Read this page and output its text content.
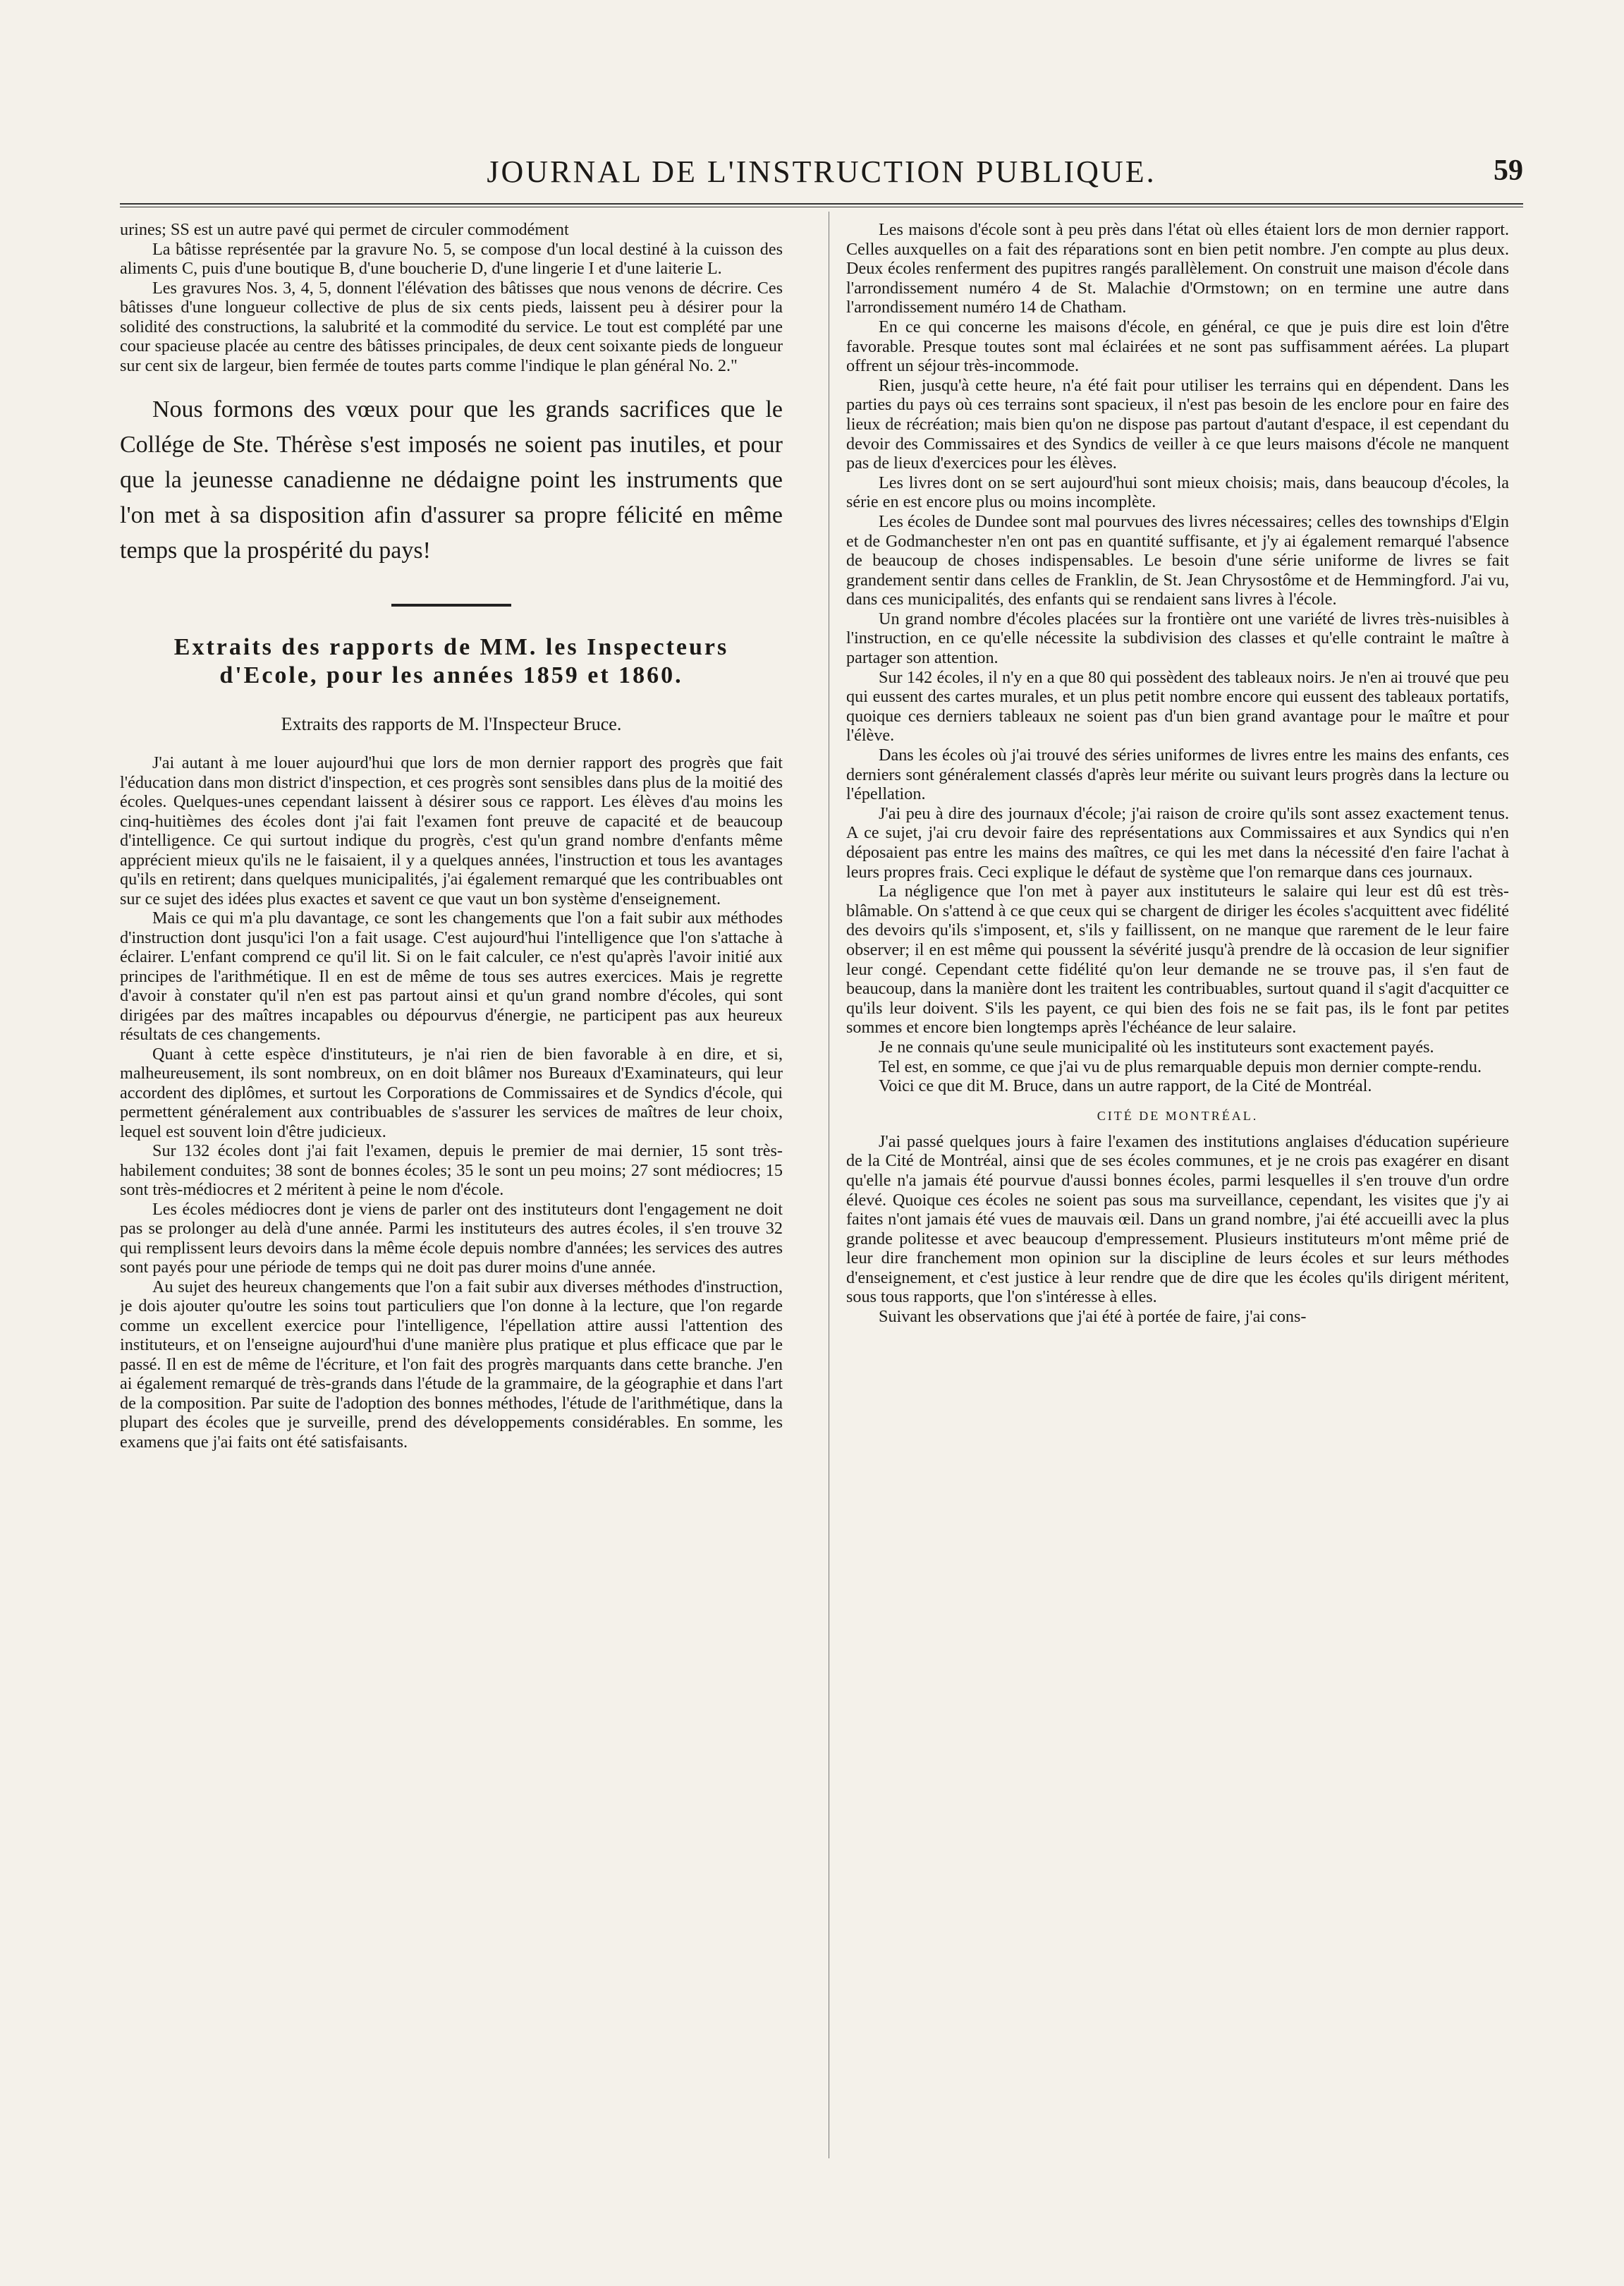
JOURNAL DE L'INSTRUCTION PUBLIQUE.	59

urines; SS est un autre pavé qui permet de circuler commodément

La bâtisse représentée par la gravure No. 5, se compose d'un local destiné à la cuisson des aliments C, puis d'une boutique B, d'une boucherie D, d'une lingerie I et d'une laiterie L.

Les gravures Nos. 3, 4, 5, donnent l'élévation des bâtisses que nous venons de décrire. Ces bâtisses d'une longueur collective de plus de six cents pieds, laissent peu à désirer pour la solidité des constructions, la salubrité et la commodité du service. Le tout est complété par une cour spacieuse placée au centre des bâtisses principales, de deux cent soixante pieds de longueur sur cent six de largeur, bien fermée de toutes parts comme l'indique le plan général No. 2."

Nous formons des vœux pour que les grands sacrifices que le Collége de Ste. Thérèse s'est imposés ne soient pas inutiles, et pour que la jeunesse canadienne ne dédaigne point les instruments que l'on met à sa disposition afin d'assurer sa propre félicité en même temps que la prospérité du pays!

Extraits des rapports de MM. les Inspecteurs d'Ecole, pour les années 1859 et 1860.
Extraits des rapports de M. l'Inspecteur Bruce.

J'ai autant à me louer aujourd'hui que lors de mon dernier rapport des progrès que fait l'éducation dans mon district d'inspection, et ces progrès sont sensibles dans plus de la moitié des écoles. Quelques-unes cependant laissent à désirer sous ce rapport. Les élèves d'au moins les cinq-huitièmes des écoles dont j'ai fait l'examen font preuve de capacité et de beaucoup d'intelligence. Ce qui surtout indique du progrès, c'est qu'un grand nombre d'enfants même apprécient mieux qu'ils ne le faisaient, il y a quelques années, l'instruction et tous les avantages qu'ils en retirent; dans quelques municipalités, j'ai également remarqué que les contribuables ont sur ce sujet des idées plus exactes et savent ce que vaut un bon système d'enseignement.

Mais ce qui m'a plu davantage, ce sont les changements que l'on a fait subir aux méthodes d'instruction dont jusqu'ici l'on a fait usage. C'est aujourd'hui l'intelligence que l'on s'attache à éclairer. L'enfant comprend ce qu'il lit. Si on le fait calculer, ce n'est qu'après l'avoir initié aux principes de l'arithmétique. Il en est de même de tous ses autres exercices. Mais je regrette d'avoir à constater qu'il n'en est pas partout ainsi et qu'un grand nombre d'écoles, qui sont dirigées par des maîtres incapables ou dépourvus d'énergie, ne participent pas aux heureux résultats de ces changements.

Quant à cette espèce d'instituteurs, je n'ai rien de bien favorable à en dire, et si, malheureusement, ils sont nombreux, on en doit blâmer nos Bureaux d'Examinateurs, qui leur accordent des diplômes, et surtout les Corporations de Commissaires et de Syndics d'école, qui permettent généralement aux contribuables de s'assurer les services de maîtres de leur choix, lequel est souvent loin d'être judicieux.

Sur 132 écoles dont j'ai fait l'examen, depuis le premier de mai dernier, 15 sont très-habilement conduites; 38 sont de bonnes écoles; 35 le sont un peu moins; 27 sont médiocres; 15 sont très-médiocres et 2 méritent à peine le nom d'école.

Les écoles médiocres dont je viens de parler ont des instituteurs dont l'engagement ne doit pas se prolonger au delà d'une année. Parmi les instituteurs des autres écoles, il s'en trouve 32 qui remplissent leurs devoirs dans la même école depuis nombre d'années; les services des autres sont payés pour une période de temps qui ne doit pas durer moins d'une année.

Au sujet des heureux changements que l'on a fait subir aux diverses méthodes d'instruction, je dois ajouter qu'outre les soins tout particuliers que l'on donne à la lecture, que l'on regarde comme un excellent exercice pour l'intelligence, l'épellation attire aussi l'attention des instituteurs, et on l'enseigne aujourd'hui d'une manière plus pratique et plus efficace que par le passé. Il en est de même de l'écriture, et l'on fait des progrès marquants dans cette branche. J'en ai également remarqué de très-grands dans l'étude de la grammaire, de la géographie et dans l'art de la composition. Par suite de l'adoption des bonnes méthodes, l'étude de l'arithmétique, dans la plupart des écoles que je surveille, prend des développements considérables. En somme, les examens que j'ai faits ont été satisfaisants.

Les maisons d'école sont à peu près dans l'état où elles étaient lors de mon dernier rapport. Celles auxquelles on a fait des réparations sont en bien petit nombre. J'en compte au plus deux. Deux écoles renferment des pupitres rangés parallèlement. On construit une maison d'école dans l'arrondissement numéro 4 de St. Malachie d'Ormstown; on en termine une autre dans l'arrondissement numéro 14 de Chatham.

En ce qui concerne les maisons d'école, en général, ce que je puis dire est loin d'être favorable. Presque toutes sont mal éclairées et ne sont pas suffisamment aérées. La plupart offrent un séjour très-incommode.

Rien, jusqu'à cette heure, n'a été fait pour utiliser les terrains qui en dépendent. Dans les parties du pays où ces terrains sont spacieux, il n'est pas besoin de les enclore pour en faire des lieux de récréation; mais bien qu'on ne dispose pas partout d'autant d'espace, il est cependant du devoir des Commissaires et des Syndics de veiller à ce que leurs maisons d'école ne manquent pas de lieux d'exercices pour les élèves.

Les livres dont on se sert aujourd'hui sont mieux choisis; mais, dans beaucoup d'écoles, la série en est encore plus ou moins incomplète.

Les écoles de Dundee sont mal pourvues des livres nécessaires; celles des townships d'Elgin et de Godmanchester n'en ont pas en quantité suffisante, et j'y ai également remarqué l'absence de beaucoup de choses indispensables. Le besoin d'une série uniforme de livres se fait grandement sentir dans celles de Franklin, de St. Jean Chrysostôme et de Hemmingford. J'ai vu, dans ces municipalités, des enfants qui se rendaient sans livres à l'école.

Un grand nombre d'écoles placées sur la frontière ont une variété de livres très-nuisibles à l'instruction, en ce qu'elle nécessite la subdivision des classes et qu'elle contraint le maître à partager son attention.

Sur 142 écoles, il n'y en a que 80 qui possèdent des tableaux noirs. Je n'en ai trouvé que peu qui eussent des cartes murales, et un plus petit nombre encore qui eussent des tableaux portatifs, quoique ces derniers tableaux ne soient pas d'un bien grand avantage pour le maître et pour l'élève.

Dans les écoles où j'ai trouvé des séries uniformes de livres entre les mains des enfants, ces derniers sont généralement classés d'après leur mérite ou suivant leurs progrès dans la lecture ou l'épellation.

J'ai peu à dire des journaux d'école; j'ai raison de croire qu'ils sont assez exactement tenus. A ce sujet, j'ai cru devoir faire des représentations aux Commissaires et aux Syndics qui n'en déposaient pas entre les mains des maîtres, ce qui les met dans la nécessité d'en faire l'achat à leurs propres frais. Ceci explique le défaut de système que l'on remarque dans ces journaux.

La négligence que l'on met à payer aux instituteurs le salaire qui leur est dû est très-blâmable. On s'attend à ce que ceux qui se chargent de diriger les écoles s'acquittent avec fidélité des devoirs qu'ils s'imposent, et, s'ils y faillissent, on ne manque que rarement de le leur faire observer; il en est même qui poussent la sévérité jusqu'à prendre de là occasion de leur signifier leur congé. Cependant cette fidélité qu'on leur demande ne se trouve pas, il s'en faut de beaucoup, dans la manière dont les traitent les contribuables, surtout quand il s'agit d'acquitter ce qu'ils leur doivent. S'ils les payent, ce qui bien des fois ne se fait pas, ils le font par petites sommes et encore bien longtemps après l'échéance de leur salaire.

Je ne connais qu'une seule municipalité où les instituteurs sont exactement payés.

Tel est, en somme, ce que j'ai vu de plus remarquable depuis mon dernier compte-rendu.

Voici ce que dit M. Bruce, dans un autre rapport, de la Cité de Montréal.

CITÉ DE MONTRÉAL.

J'ai passé quelques jours à faire l'examen des institutions anglaises d'éducation supérieure de la Cité de Montréal, ainsi que de ses écoles communes, et je ne crois pas exagérer en disant qu'elle n'a jamais été pourvue d'aussi bonnes écoles, parmi lesquelles il s'en trouve d'un ordre élevé. Quoique ces écoles ne soient pas sous ma surveillance, cependant, les visites que j'y ai faites n'ont jamais été vues de mauvais œil. Dans un grand nombre, j'ai été accueilli avec la plus grande politesse et avec beaucoup d'empressement. Plusieurs instituteurs m'ont même prié de leur dire franchement mon opinion sur la discipline de leurs écoles et sur leurs méthodes d'enseignement, et c'est justice à leur rendre que de dire que les écoles qu'ils dirigent méritent, sous tous rapports, que l'on s'intéresse à elles.

Suivant les observations que j'ai été à portée de faire, j'ai cons-
